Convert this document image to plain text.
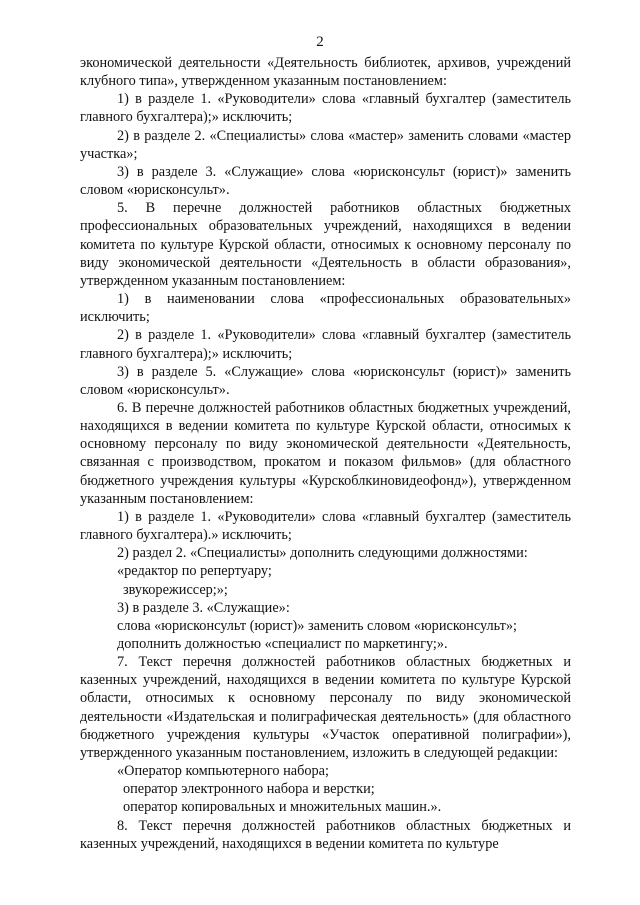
2

экономической деятельности «Деятельность библиотек, архивов, учреждений клубного типа», утвержденном указанным постановлением:

1) в разделе 1. «Руководители» слова «главный бухгалтер (заместитель главного бухгалтера);» исключить;

2) в разделе 2. «Специалисты» слова «мастер» заменить словами «мастер участка»;

3) в разделе 3. «Служащие» слова «юрисконсульт (юрист)» заменить словом «юрисконсульт».

5. В перечне должностей работников областных бюджетных профессиональных образовательных учреждений, находящихся в ведении комитета по культуре Курской области, относимых к основному персоналу по виду экономической деятельности «Деятельность в области образования», утвержденном указанным постановлением:

1) в наименовании слова «профессиональных образовательных» исключить;

2) в разделе 1. «Руководители» слова «главный бухгалтер (заместитель главного бухгалтера);» исключить;

3) в разделе 5. «Служащие» слова «юрисконсульт (юрист)» заменить словом «юрисконсульт».

6. В перечне должностей работников областных бюджетных учреждений, находящихся в ведении комитета по культуре Курской области, относимых к основному персоналу по виду экономической деятельности «Деятельность, связанная с производством, прокатом и показом фильмов» (для областного бюджетного учреждения культуры «Курскоблкиновидеофонд»), утвержденном указанным постановлением:

1) в разделе 1. «Руководители» слова «главный бухгалтер (заместитель главного бухгалтера).» исключить;

2) раздел 2. «Специалисты» дополнить следующими должностями:

«редактор по репертуару;

звукорежиссер;»;

3) в разделе 3. «Служащие»:

слова «юрисконсульт (юрист)» заменить словом «юрисконсульт»;

дополнить должностью «специалист по маркетингу;».

7. Текст перечня должностей работников областных бюджетных и казенных учреждений, находящихся в ведении комитета по культуре Курской области, относимых к основному персоналу по виду экономической деятельности «Издательская и полиграфическая деятельность» (для областного бюджетного учреждения культуры «Участок оперативной полиграфии»), утвержденного указанным постановлением, изложить в следующей редакции:

«Оператор компьютерного набора;

оператор электронного набора и верстки;

оператор копировальных и множительных машин.».

8. Текст перечня должностей работников областных бюджетных и казенных учреждений, находящихся в ведении комитета по культуре
